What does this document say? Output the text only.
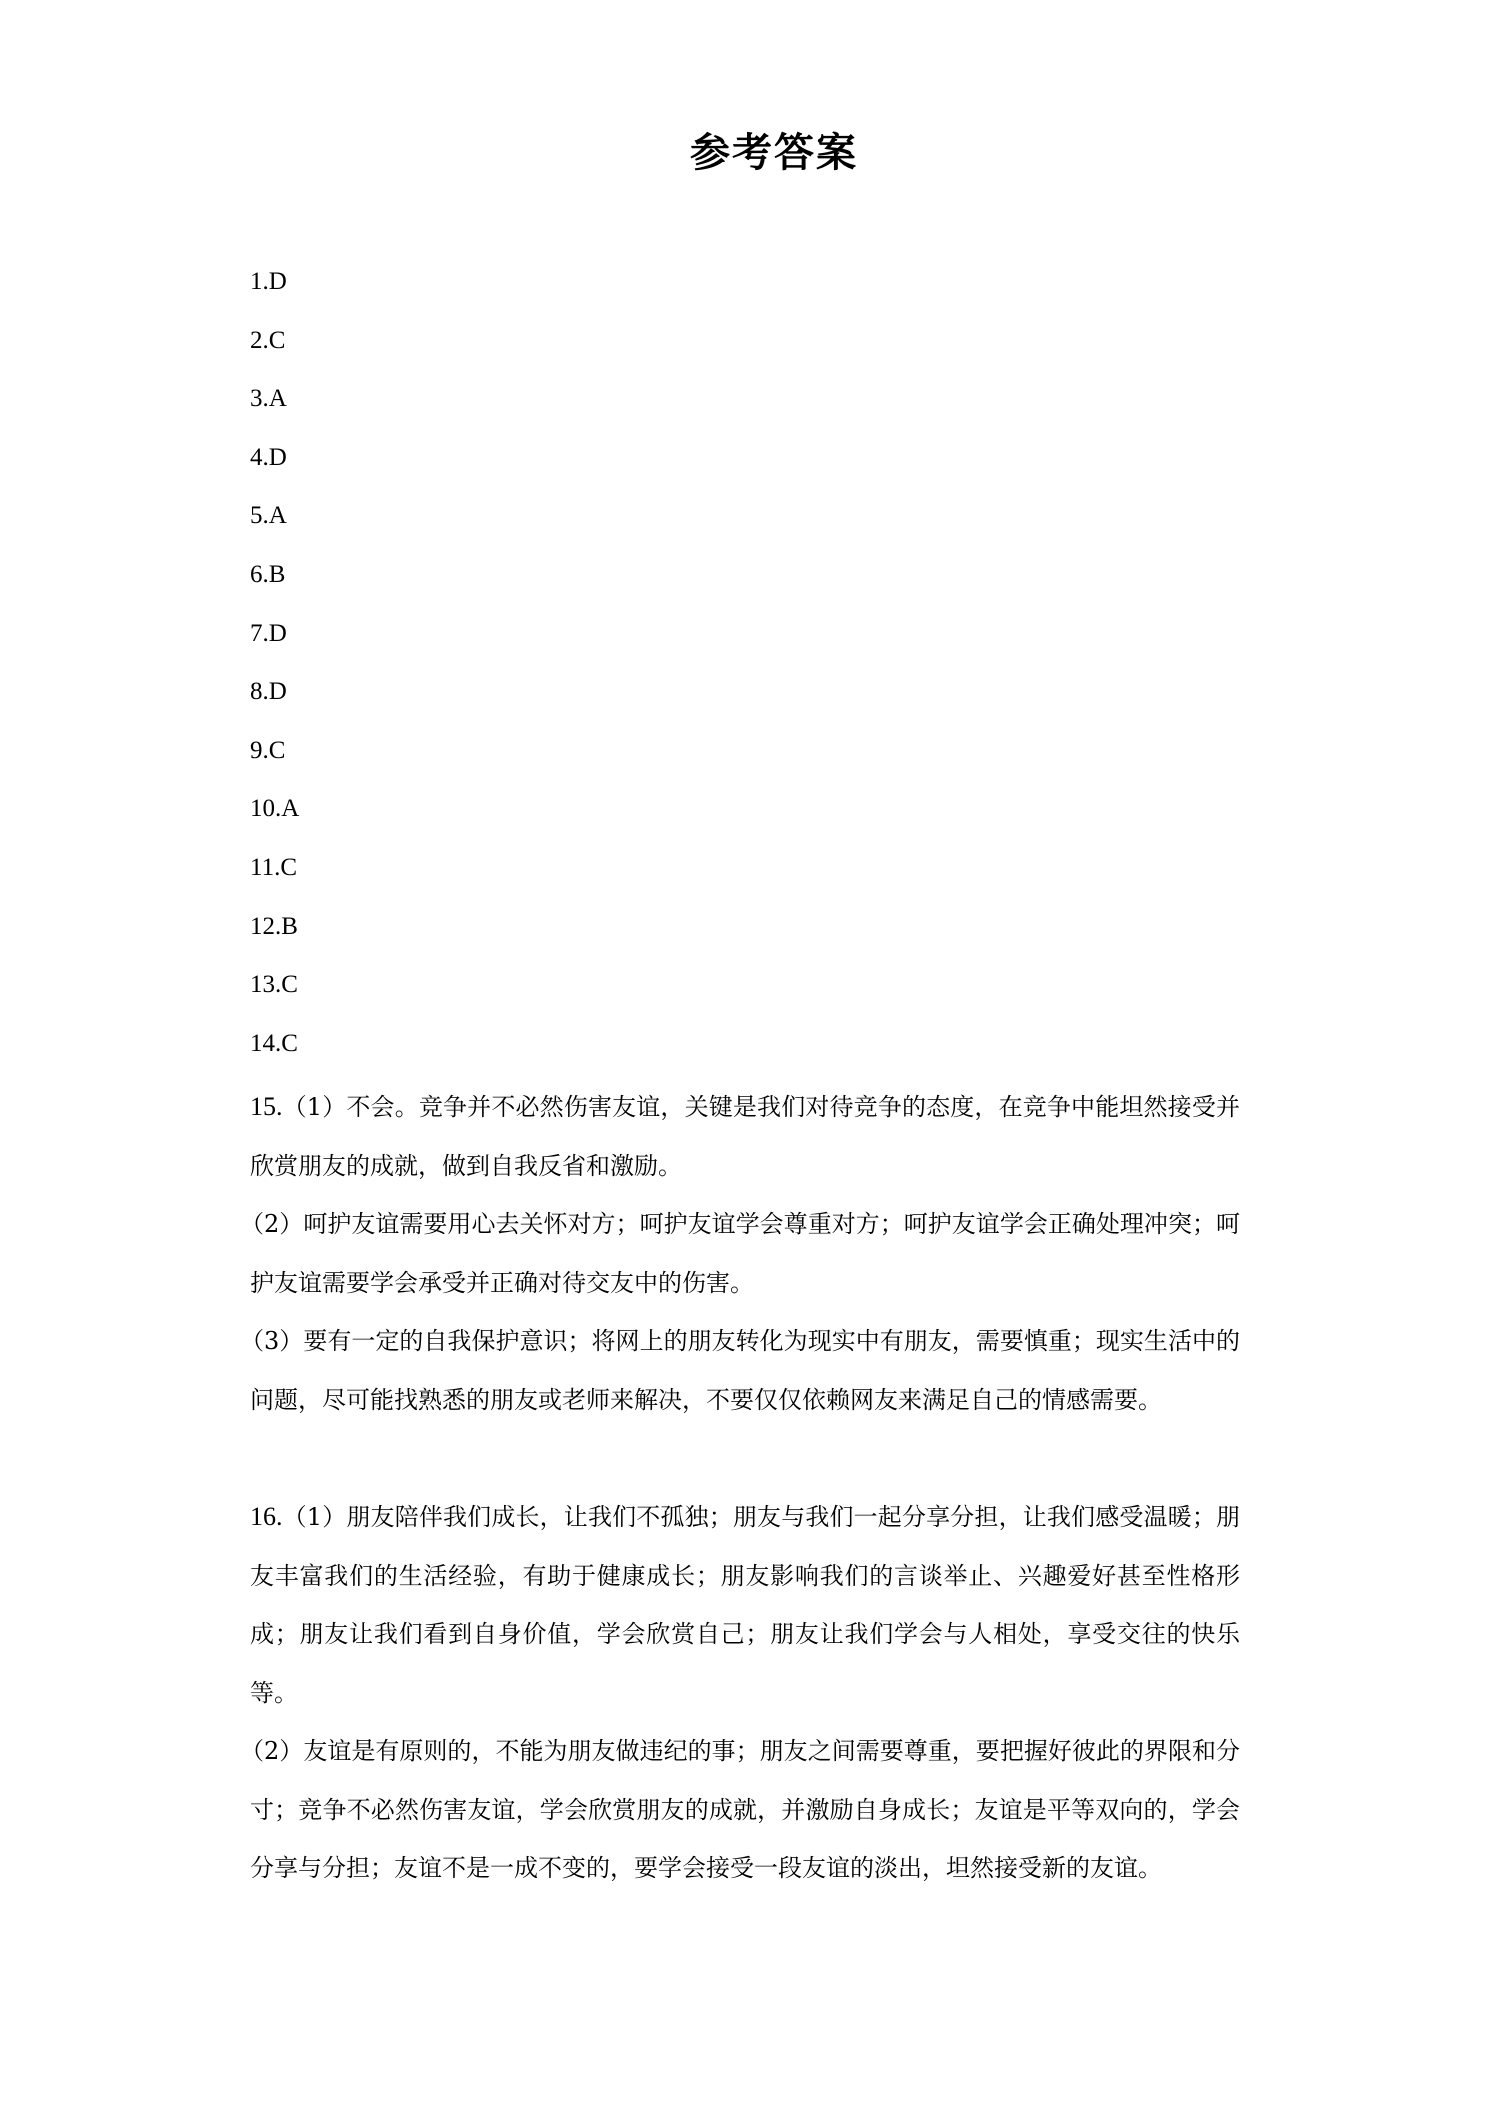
参考答案
1.D
2.C
3.A
4.D
5.A
6.B
7.D
8.D
9.C
10.A
11.C
12.B
13.C
14.C

15.（1）不会。竞争并不必然伤害友谊，关键是我们对待竞争的态度，在竞争中能坦然接受并欣赏朋友的成就，做到自我反省和激励。

（2）呵护友谊需要用心去关怀对方；呵护友谊学会尊重对方；呵护友谊学会正确处理冲突；呵护友谊需要学会承受并正确对待交友中的伤害。

（3）要有一定的自我保护意识；将网上的朋友转化为现实中有朋友，需要慎重；现实生活中的问题，尽可能找熟悉的朋友或老师来解决，不要仅仅依赖网友来满足自己的情感需要。

16.（1）朋友陪伴我们成长，让我们不孤独；朋友与我们一起分享分担，让我们感受温暖；朋友丰富我们的生活经验，有助于健康成长；朋友影响我们的言谈举止、兴趣爱好甚至性格形成；朋友让我们看到自身价值，学会欣赏自己；朋友让我们学会与人相处，享受交往的快乐等。

（2）友谊是有原则的，不能为朋友做违纪的事；朋友之间需要尊重，要把握好彼此的界限和分寸；竞争不必然伤害友谊，学会欣赏朋友的成就，并激励自身成长；友谊是平等双向的，学会分享与分担；友谊不是一成不变的，要学会接受一段友谊的淡出，坦然接受新的友谊。
